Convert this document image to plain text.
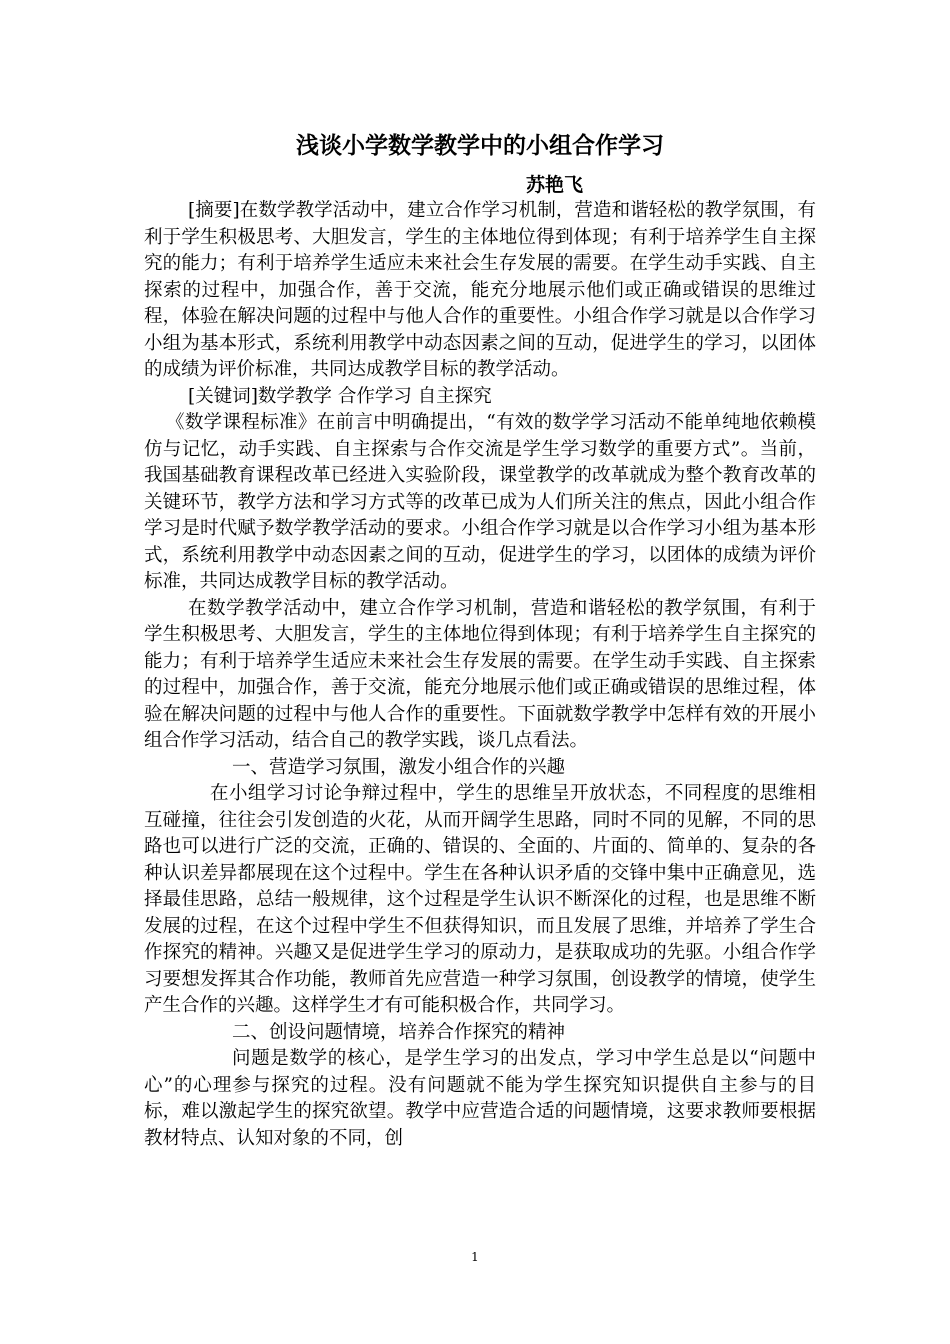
浅谈小学数学教学中的小组合作学习
苏艳飞

[摘要]在数学教学活动中，建立合作学习机制，营造和谐轻松的教学氛围，有利于学生积极思考、大胆发言，学生的主体地位得到体现；有利于培养学生自主探究的能力；有利于培养学生适应未来社会生存发展的需要。在学生动手实践、自主探索的过程中，加强合作，善于交流，能充分地展示他们或正确或错误的思维过程，体验在解决问题的过程中与他人合作的重要性。小组合作学习就是以合作学习小组为基本形式，系统利用教学中动态因素之间的互动，促进学生的学习，以团体的成绩为评价标准，共同达成教学目标的教学活动。

[关键词]数学教学 合作学习 自主探究

《数学课程标准》在前言中明确提出，“有效的数学学习活动不能单纯地依赖模仿与记忆，动手实践、自主探索与合作交流是学生学习数学的重要方式”。当前，我国基础教育课程改革已经进入实验阶段，课堂教学的改革就成为整个教育改革的关键环节，教学方法和学习方式等的改革已成为人们所关注的焦点，因此小组合作学习是时代赋予数学教学活动的要求。小组合作学习就是以合作学习小组为基本形式，系统利用教学中动态因素之间的互动，促进学生的学习，以团体的成绩为评价标准，共同达成教学目标的教学活动。

在数学教学活动中，建立合作学习机制，营造和谐轻松的教学氛围，有利于学生积极思考、大胆发言，学生的主体地位得到体现；有利于培养学生自主探究的能力；有利于培养学生适应未来社会生存发展的需要。在学生动手实践、自主探索的过程中，加强合作，善于交流，能充分地展示他们或正确或错误的思维过程，体验在解决问题的过程中与他人合作的重要性。下面就数学教学中怎样有效的开展小组合作学习活动，结合自己的教学实践，谈几点看法。

一、营造学习氛围，激发小组合作的兴趣

在小组学习讨论争辩过程中，学生的思维呈开放状态，不同程度的思维相互碰撞，往往会引发创造的火花，从而开阔学生思路，同时不同的见解，不同的思路也可以进行广泛的交流，正确的、错误的、全面的、片面的、简单的、复杂的各种认识差异都展现在这个过程中。学生在各种认识矛盾的交锋中集中正确意见，选择最佳思路，总结一般规律，这个过程是学生认识不断深化的过程，也是思维不断发展的过程，在这个过程中学生不但获得知识，而且发展了思维，并培养了学生合作探究的精神。兴趣又是促进学生学习的原动力，是获取成功的先驱。小组合作学习要想发挥其合作功能，教师首先应营造一种学习氛围，创设教学的情境，使学生产生合作的兴趣。这样学生才有可能积极合作，共同学习。

二、创设问题情境，培养合作探究的精神

问题是数学的核心，是学生学习的出发点，学习中学生总是以“问题中心”的心理参与探究的过程。没有问题就不能为学生探究知识提供自主参与的目标，难以激起学生的探究欲望。教学中应营造合适的问题情境，这要求教师要根据教材特点、认知对象的不同，创

1
